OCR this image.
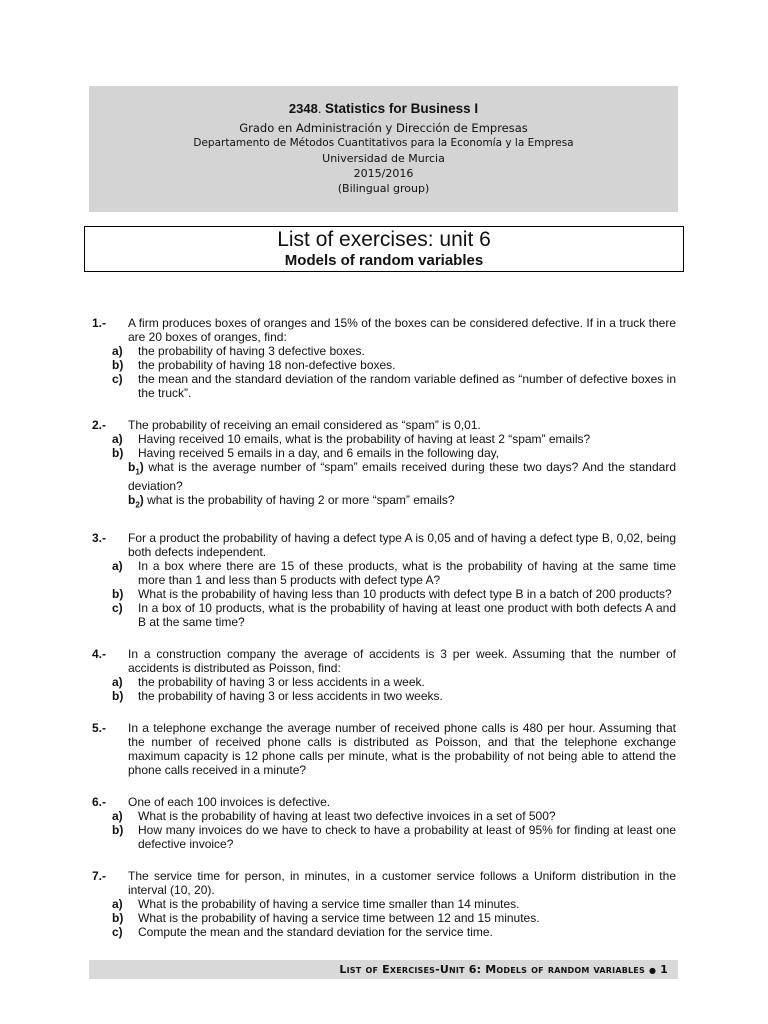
2348. Statistics for Business I
Grado en Administración y Dirección de Empresas
Departamento de Métodos Cuantitativos para la Economía y la Empresa
Universidad de Murcia
2015/2016
(Bilingual group)
List of exercises: unit 6
Models of random variables
1.- A firm produces boxes of oranges and 15% of the boxes can be considered defective. If in a truck there are 20 boxes of oranges, find:
a) the probability of having 3 defective boxes.
b) the probability of having 18 non-defective boxes.
c) the mean and the standard deviation of the random variable defined as “number of defective boxes in the truck”.
2.- The probability of receiving an email considered as “spam” is 0,01.
a) Having received 10 emails, what is the probability of having at least 2 “spam” emails?
b) Having received 5 emails in a day, and 6 emails in the following day,
$b_1$) what is the average number of “spam” emails received during these two days? And the standard deviation?
$b_2$) what is the probability of having 2 or more “spam” emails?
3.- For a product the probability of having a defect type A is 0,05 and of having a defect type B, 0,02, being both defects independent.
a) In a box where there are 15 of these products, what is the probability of having at the same time more than 1 and less than 5 products with defect type A?
b) What is the probability of having less than 10 products with defect type B in a batch of 200 products?
c) In a box of 10 products, what is the probability of having at least one product with both defects A and B at the same time?
4.- In a construction company the average of accidents is 3 per week. Assuming that the number of accidents is distributed as Poisson, find:
a) the probability of having 3 or less accidents in a week.
b) the probability of having 3 or less accidents in two weeks.
5.- In a telephone exchange the average number of received phone calls is 480 per hour. Assuming that the number of received phone calls is distributed as Poisson, and that the telephone exchange maximum capacity is 12 phone calls per minute, what is the probability of not being able to attend the phone calls received in a minute?
6.- One of each 100 invoices is defective.
a) What is the probability of having at least two defective invoices in a set of 500?
b) How many invoices do we have to check to have a probability at least of 95% for finding at least one defective invoice?
7.- The service time for person, in minutes, in a customer service follows a Uniform distribution in the interval (10, 20).
a) What is the probability of having a service time smaller than 14 minutes.
b) What is the probability of having a service time between 12 and 15 minutes.
c) Compute the mean and the standard deviation for the service time.
List of Exercises-Unit 6: Models of random variables ● 1
